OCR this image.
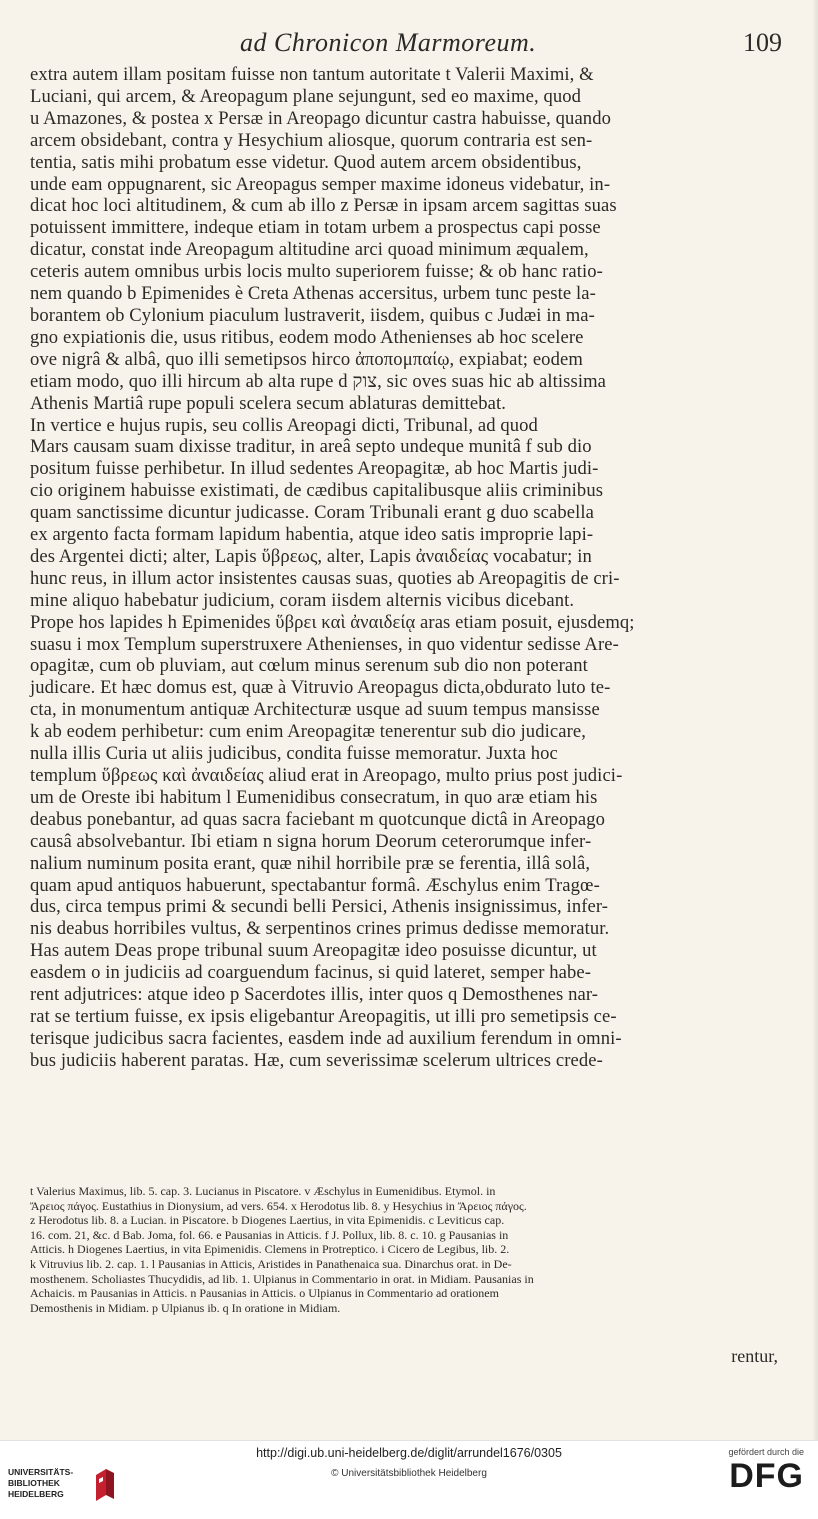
ad Chronicon Marmoreum.	109
extra autem illam positam fuisse non tantum autoritate t Valerii Maximi, &
Luciani, qui arcem, & Areopagum plane sejungunt, sed eo maxime, quod
u Amazones, & postea x Persæ in Areopago dicuntur castra habuisse, quando
arcem obsidebant, contra y Hesychium aliosque, quorum contraria est sen-
tentia, satis mihi probatum esse videtur. Quod autem arcem obsidentibus,
unde eam oppugnarent, sic Areopagus semper maxime idoneus videbatur, in-
dicat hoc loci altitudinem, & cum ab illo z Persæ in ipsam arcem sagittas suas
potuissent immittere, indeque etiam in totam urbem a prospectus capi posse
dicatur, constat inde Areopagum altitudine arci quoad minimum æqualem,
ceteris autem omnibus urbis locis multo superiorem fuisse; & ob hanc ratio-
nem quando b Epimenides è Creta Athenas accersitus, urbem tunc peste la-
borantem ob Cylonium piaculum lustraverit, iisdem, quibus c Judæi in ma-
gno expiationis die, usus ritibus, eodem modo Athenienses ab hoc scelere
ove nigrâ & albâ, quo illi semetipsos hirco ἀποπομπαίῳ, expiabat; eodem
etiam modo, quo illi hircum ab alta rupe d צוק, sic oves suas hic ab altissima
Athenis Martiâ rupe populi scelera secum ablaturas demittebat.
In vertice e hujus rupis, seu collis Areopagi dicti, Tribunal, ad quod
Mars causam suam dixisse traditur, in areâ septo undeque munitâ f sub dio
positum fuisse perhibetur. In illud sedentes Areopagitæ, ab hoc Martis judi-
cio originem habuisse existimati, de cædibus capitalibusque aliis criminibus
quam sanctissime dicuntur judicasse. Coram Tribunali erant g duo scabella
ex argento facta formam lapidum habentia, atque ideo satis improprie lapi-
des Argentei dicti; alter, Lapis ὕβρεως, alter, Lapis ἀναιδείας vocabatur; in
hunc reus, in illum actor insistentes causas suas, quoties ab Areopagitis de cri-
mine aliquo habebatur judicium, coram iisdem alternis vicibus dicebant.
Prope hos lapides h Epimenides ὕβρει καὶ ἀναιδείᾳ aras etiam posuit, ejusdemq;
suasu i mox Templum superstruxere Athenienses, in quo videntur sedisse Are-
opagitæ, cum ob pluviam, aut cœlum minus serenum sub dio non poterant
judicare. Et hæc domus est, quæ à Vitruvio Areopagus dicta,obdurato luto te-
cta, in monumentum antiquæ Architecturæ usque ad suum tempus mansisse
k ab eodem perhibetur: cum enim Areopagitæ tenerentur sub dio judicare,
nulla illis Curia ut aliis judicibus, condita fuisse memoratur. Juxta hoc
templum ὕβρεως καὶ ἀναιδείας aliud erat in Areopago, multo prius post judici-
um de Oreste ibi habitum l Eumenidibus consecratum, in quo aræ etiam his
deabus ponebantur, ad quas sacra faciebant m quotcunque dictâ in Areopago
causâ absolvebantur. Ibi etiam n signa horum Deorum ceterorumque infer-
nalium numinum posita erant, quæ nihil horribile præ se ferentia, illâ solâ,
quam apud antiquos habuerunt, spectabantur formâ. Æschylus enim Tragœ-
dus, circa tempus primi & secundi belli Persici, Athenis insignissimus, infer-
nis deabus horribiles vultus, & serpentinos crines primus dedisse memoratur.
Has autem Deas prope tribunal suum Areopagitæ ideo posuisse dicuntur, ut
easdem o in judiciis ad coarguendum facinus, si quid lateret, semper habe-
rent adjutrices: atque ideo p Sacerdotes illis, inter quos q Demosthenes nar-
rat se tertium fuisse, ex ipsis eligebantur Areopagitis, ut illi pro semetipsis ce-
terisque judicibus sacra facientes, easdem inde ad auxilium ferendum in omni-
bus judiciis haberent paratas. Hæ, cum severissimæ scelerum ultrices crede-
t Valerius Maximus, lib. 5. cap. 3. Lucianus in Piscatore. v Æschylus in Eumenidibus. Etymol. in
Ἄρειος πάγος. Eustathius in Dionysium, ad vers. 654. x Herodotus lib. 8. y Hesychius in Ἄρειος πάγος.
z Herodotus lib. 8. a Lucian. in Piscatore. b Diogenes Laertius, in vita Epimenidis. c Leviticus cap.
16. com. 21, &c. d Bab. Joma, fol. 66. e Pausanias in Atticis. f J. Pollux, lib. 8. c. 10. g Pausanias in
Atticis. h Diogenes Laertius, in vita Epimenidis. Clemens in Protreptico. i Cicero de Legibus, lib. 2.
k Vitruvius lib. 2. cap. 1. l Pausanias in Atticis, Aristides in Panathenaica sua. Dinarchus orat. in De-
mosthenem. Scholiastes Thucydidis, ad lib. 1. Ulpianus in Commentario in orat. in Midiam. Pausanias in
Achaicis. m Pausanias in Atticis. n Pausanias in Atticis. o Ulpianus in Commentario ad orationem
Demosthenis in Midiam. p Ulpianus ib. q In oratione in Midiam.
rentur,
UNIVERSITÄTS-
BIBLIOTHEK
HEIDELBERG
http://digi.ub.uni-heidelberg.de/diglit/arrundel1676/0305
© Universitätsbibliothek Heidelberg
gefördert durch die
DFG
